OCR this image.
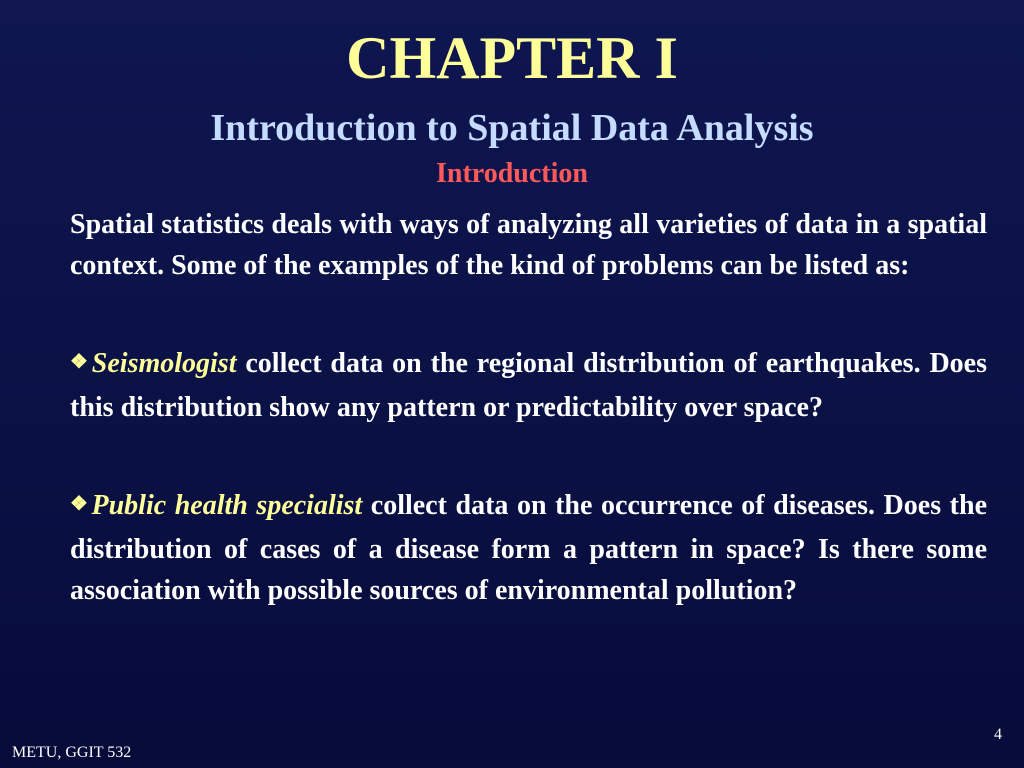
CHAPTER I
Introduction to Spatial Data Analysis
Introduction

Spatial statistics deals with ways of analyzing all varieties of data in a spatial context. Some of the examples of the kind of problems can be listed as:

❖Seismologist collect data on the regional distribution of earthquakes. Does this distribution show any pattern or predictability over space?

❖Public health specialist collect data on the occurrence of diseases. Does the distribution of cases of a disease form a pattern in space? Is there some association with possible sources of environmental pollution?

4
METU, GGIT 532
